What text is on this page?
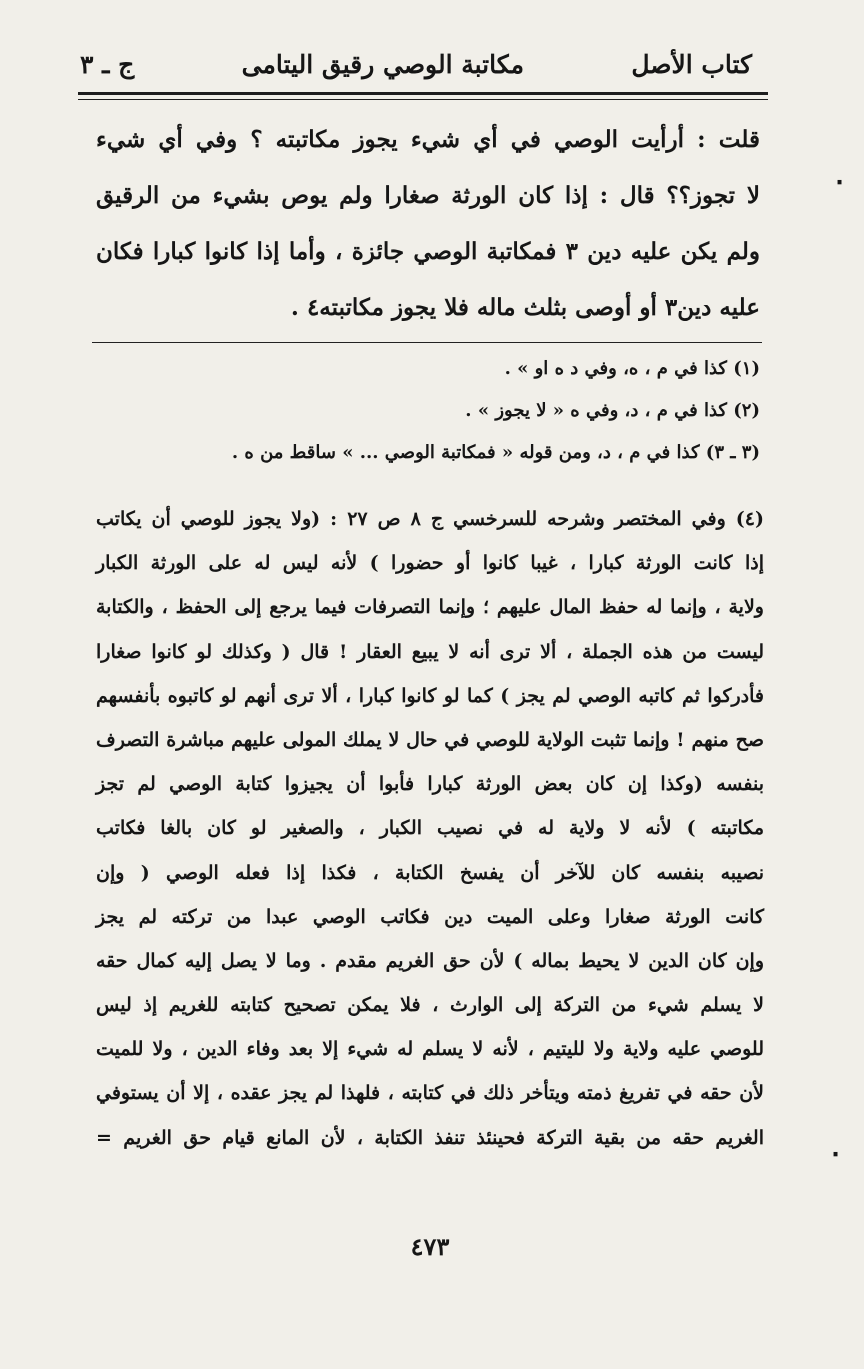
كتاب الأصل
مكاتبة الوصي رقيق اليتامى
ج ـ ٣
٠
٠
قلت : أرأيت الوصي في أي شيء يجوز مكاتبته ؟ وفي أي شيء
لا تجوز؟؟ قال : إذا كان الورثة صغارا ولم يوص بشيء من الرقيق
ولم يكن عليه دين ٣ فمكاتبة الوصي جائزة ، وأما إذا كانوا كبارا فكان
عليه دين٣ أو أوصى بثلث ماله فلا يجوز مكاتبته٤ .
(١) كذا في م ، ه، وفي د ه او » .
(٢) كذا في م ، د، وفي ه « لا يجوز » .
(٣ ـ ٣) كذا في م ، د، ومن قوله « فمكاتبة الوصي ... » ساقط من ه .
(٤) وفي المختصر وشرحه للسرخسي ج ٨ ص ٢٧ : (ولا يجوز للوصي أن يكاتب
إذا كانت الورثة كبارا ، غيبا كانوا أو حضورا ) لأنه ليس له على الورثة الكبار
ولاية ، وإنما له حفظ المال عليهم ؛ وإنما التصرفات فيما يرجع إلى الحفظ ، والكتابة
ليست من هذه الجملة ، ألا ترى أنه لا يبيع العقار ! قال ( وكذلك لو كانوا صغارا
فأدركوا ثم كاتبه الوصي لم يجز ) كما لو كانوا كبارا ، ألا ترى أنهم لو كاتبوه بأنفسهم
صح منهم ! وإنما تثبت الولاية للوصي في حال لا يملك المولى عليهم مباشرة التصرف
بنفسه (وكذا إن كان بعض الورثة كبارا فأبوا أن يجيزوا كتابة الوصي لم تجز
مكاتبته ) لأنه لا ولاية له في نصيب الكبار ، والصغير لو كان بالغا فكاتب
نصيبه بنفسه كان للآخر أن يفسخ الكتابة ، فكذا إذا فعله الوصي ( وإن
كانت الورثة صغارا وعلى الميت دين فكاتب الوصي عبدا من تركته لم يجز
وإن كان الدين لا يحيط بماله ) لأن حق الغريم مقدم . وما لا يصل إليه كمال حقه
لا يسلم شيء من التركة إلى الوارث ، فلا يمكن تصحيح كتابته للغريم إذ ليس
للوصي عليه ولاية ولا لليتيم ، لأنه لا يسلم له شيء إلا بعد وفاء الدين ، ولا للميت
لأن حقه في تفريغ ذمته ويتأخر ذلك في كتابته ، فلهذا لم يجز عقده ، إلا أن يستوفي
الغريم حقه من بقية التركة فحينئذ تنفذ الكتابة ، لأن المانع قيام حق الغريم =
٤٧٣
